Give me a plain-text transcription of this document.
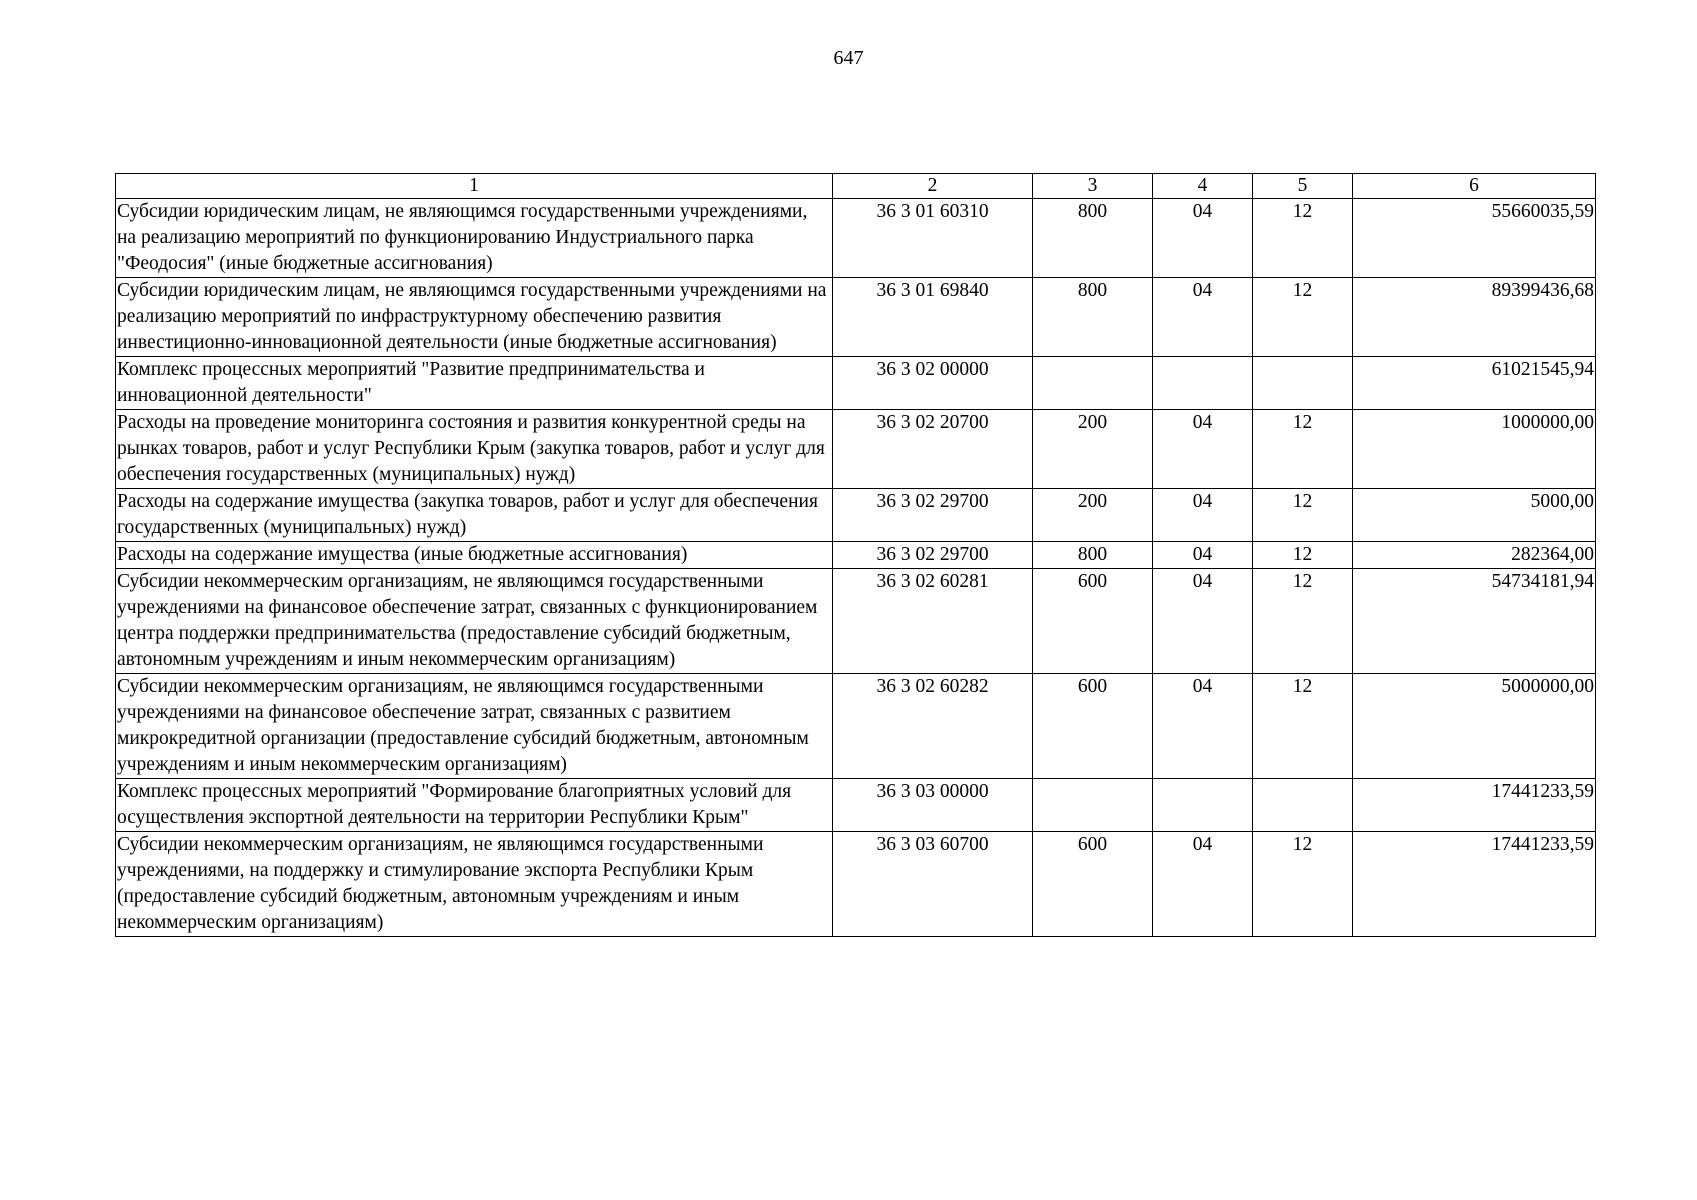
647
1	2	3	4	5	6
Субсидии юридическим лицам, не являющимся государственными учреждениями, на реализацию мероприятий по функционированию Индустриального парка "Феодосия" (иные бюджетные ассигнования)	36 3 01 60310	800	04	12	55660035,59
Субсидии юридическим лицам, не являющимся государственными учреждениями на реализацию мероприятий по инфраструктурному обеспечению развития инвестиционно-инновационной деятельности (иные бюджетные ассигнования)	36 3 01 69840	800	04	12	89399436,68
Комплекс процессных мероприятий "Развитие предпринимательства и инновационной деятельности"	36 3 02 00000				61021545,94
Расходы на проведение мониторинга состояния и развития конкурентной среды на рынках товаров, работ и услуг Республики Крым (закупка товаров, работ и услуг для обеспечения государственных (муниципальных) нужд)	36 3 02 20700	200	04	12	1000000,00
Расходы на содержание имущества (закупка товаров, работ и услуг для обеспечения государственных (муниципальных) нужд)	36 3 02 29700	200	04	12	5000,00
Расходы на содержание имущества (иные бюджетные ассигнования)	36 3 02 29700	800	04	12	282364,00
Субсидии некоммерческим организациям, не являющимся государственными учреждениями на финансовое обеспечение затрат, связанных с функционированием центра поддержки предпринимательства (предоставление субсидий бюджетным, автономным учреждениям и иным некоммерческим организациям)	36 3 02 60281	600	04	12	54734181,94
Субсидии некоммерческим организациям, не являющимся государственными учреждениями на финансовое обеспечение затрат, связанных с развитием микрокредитной организации (предоставление субсидий бюджетным, автономным учреждениям и иным некоммерческим организациям)	36 3 02 60282	600	04	12	5000000,00
Комплекс процессных мероприятий "Формирование благоприятных условий для осуществления экспортной деятельности на территории Республики Крым"	36 3 03 00000				17441233,59
Субсидии некоммерческим организациям, не являющимся государственными учреждениями, на поддержку и стимулирование экспорта Республики Крым (предоставление субсидий бюджетным, автономным учреждениям и иным некоммерческим организациям)	36 3 03 60700	600	04	12	17441233,59
